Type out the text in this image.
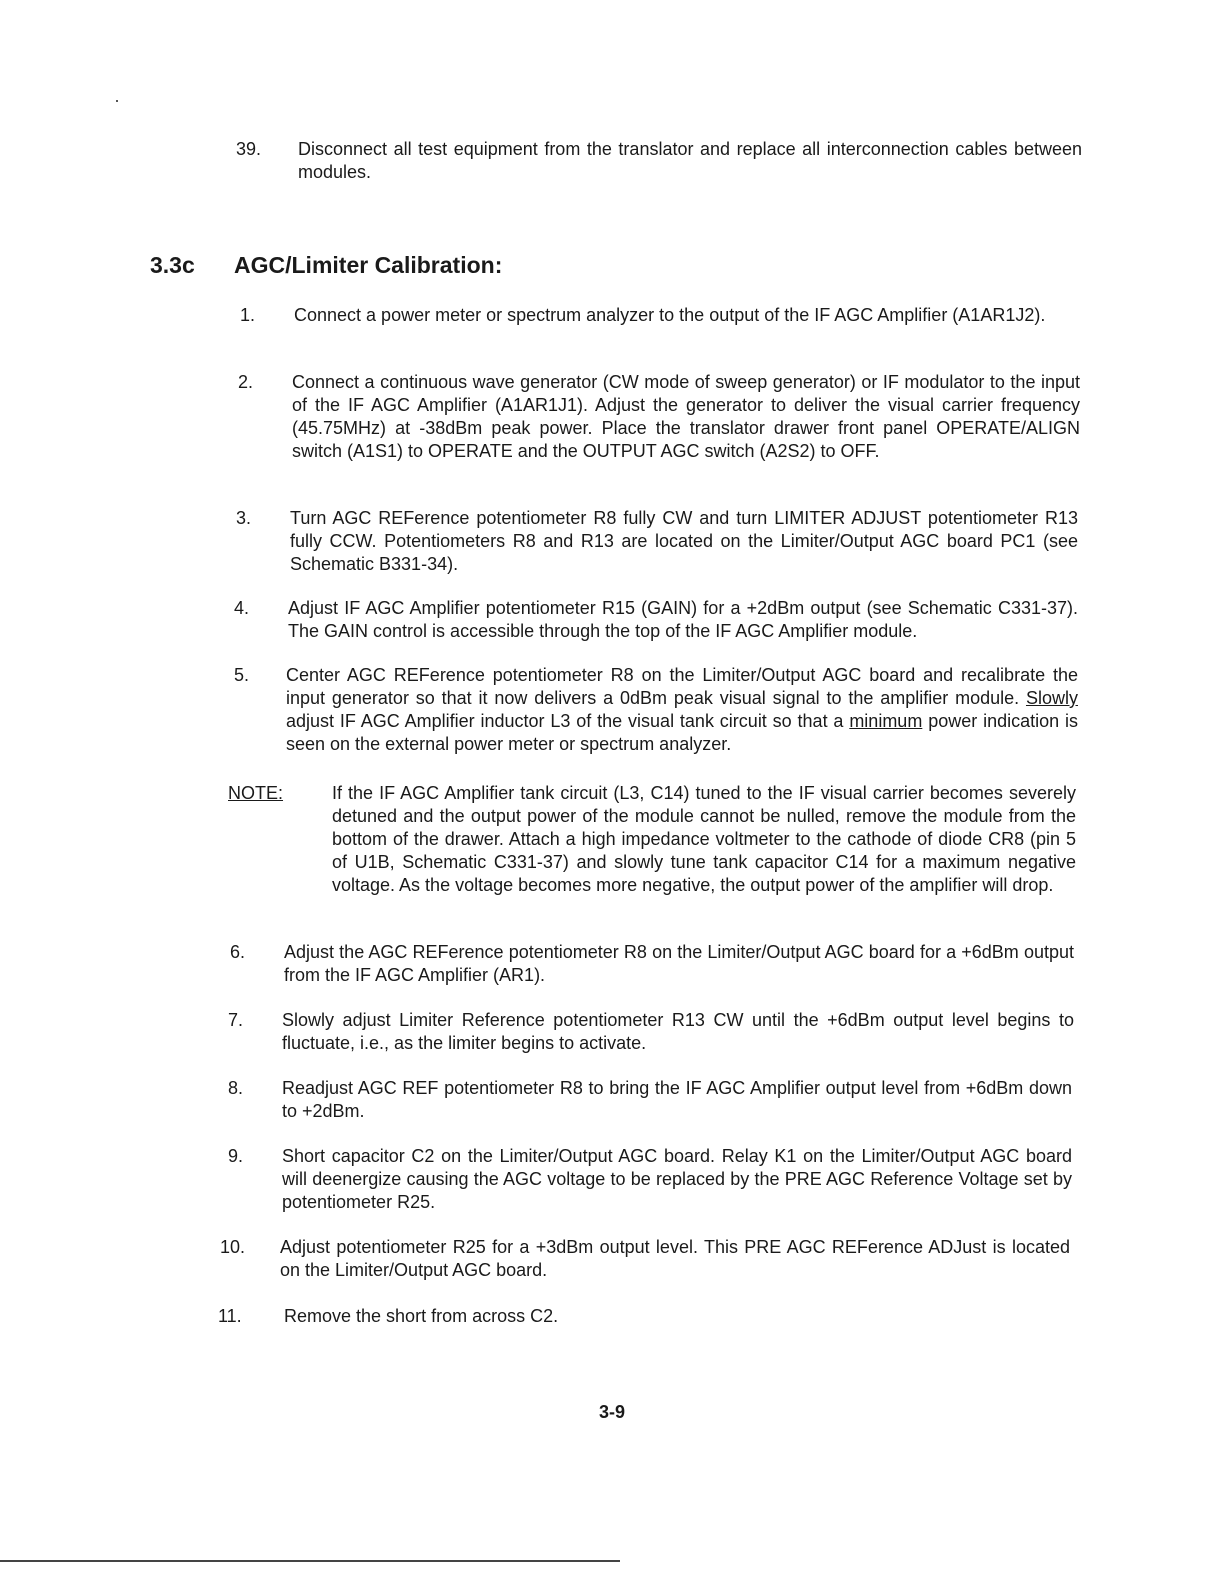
39. Disconnect all test equipment from the translator and replace all interconnection cables between modules.

3.3c AGC/Limiter Calibration:
1. Connect a power meter or spectrum analyzer to the output of the IF AGC Amplifier (A1AR1J2).

2. Connect a continuous wave generator (CW mode of sweep generator) or IF modulator to the input of the IF AGC Amplifier (A1AR1J1). Adjust the generator to deliver the visual carrier frequency (45.75MHz) at -38dBm peak power. Place the translator drawer front panel OPERATE/ALIGN switch (A1S1) to OPERATE and the OUTPUT AGC switch (A2S2) to OFF.

3. Turn AGC REFerence potentiometer R8 fully CW and turn LIMITER ADJUST potentiometer R13 fully CCW. Potentiometers R8 and R13 are located on the Limiter/Output AGC board PC1 (see Schematic B331-34).

4. Adjust IF AGC Amplifier potentiometer R15 (GAIN) for a +2dBm output (see Schematic C331-37). The GAIN control is accessible through the top of the IF AGC Amplifier module.

5. Center AGC REFerence potentiometer R8 on the Limiter/Output AGC board and recalibrate the input generator so that it now delivers a 0dBm peak visual signal to the amplifier module. Slowly adjust IF AGC Amplifier inductor L3 of the visual tank circuit so that a minimum power indication is seen on the external power meter or spectrum analyzer.

NOTE:	If the IF AGC Amplifier tank circuit (L3, C14) tuned to the IF visual carrier becomes severely detuned and the output power of the module cannot be nulled, remove the module from the bottom of the drawer. Attach a high impedance voltmeter to the cathode of diode CR8 (pin 5 of U1B, Schematic C331-37) and slowly tune tank capacitor C14 for a maximum negative voltage. As the voltage becomes more negative, the output power of the amplifier will drop.

6. Adjust the AGC REFerence potentiometer R8 on the Limiter/Output AGC board for a +6dBm output from the IF AGC Amplifier (AR1).

7. Slowly adjust Limiter Reference potentiometer R13 CW until the +6dBm output level begins to fluctuate, i.e., as the limiter begins to activate.

8. Readjust AGC REF potentiometer R8 to bring the IF AGC Amplifier output level from +6dBm down to +2dBm.

9. Short capacitor C2 on the Limiter/Output AGC board. Relay K1 on the Limiter/Output AGC board will deenergize causing the AGC voltage to be replaced by the PRE AGC Reference Voltage set by potentiometer R25.

10. Adjust potentiometer R25 for a +3dBm output level. This PRE AGC REFerence ADJust is located on the Limiter/Output AGC board.

11. Remove the short from across C2.

3-9
